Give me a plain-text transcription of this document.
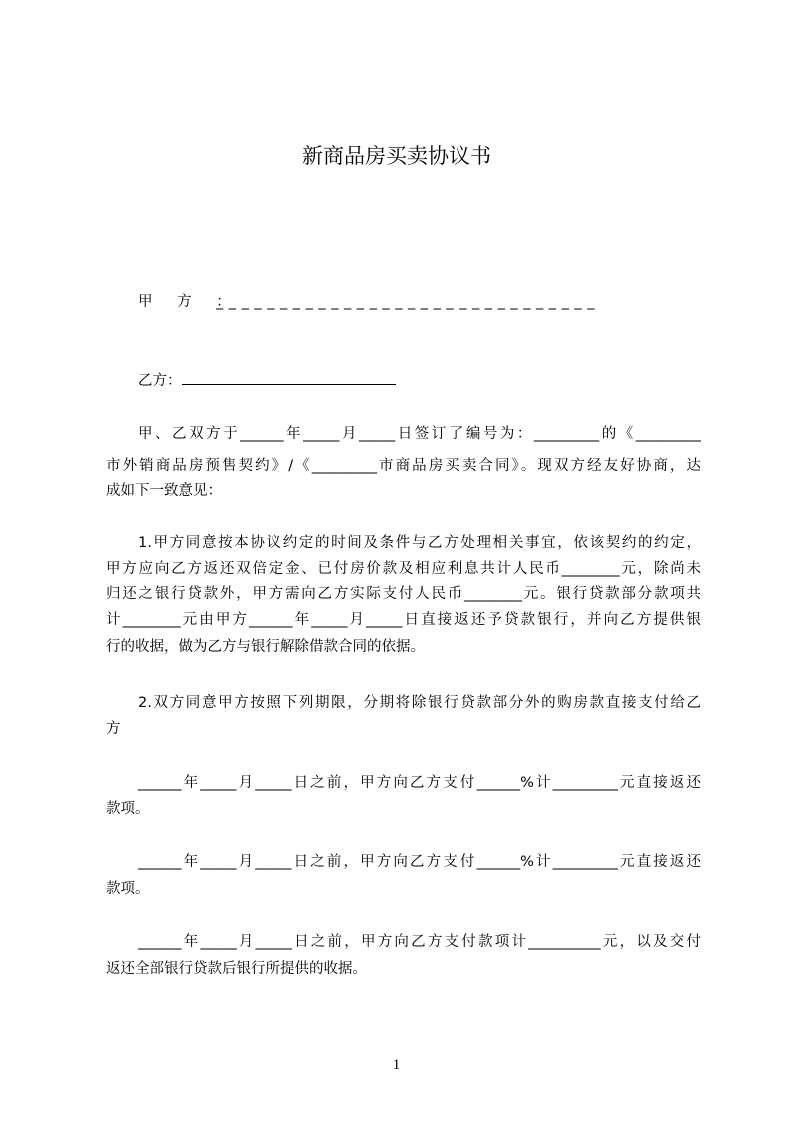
新商品房买卖协议书
甲 方 ：
______________________________
乙方：
甲、乙双方于______年_____月_____日签订了编号为：_________的《_________
市外销商品房预售契约》/《_________市商品房买卖合同》。现双方经友好协商，达
成如下一致意见：
1.甲方同意按本协议约定的时间及条件与乙方处理相关事宜，依该契约的约定，
甲方应向乙方返还双倍定金、已付房价款及相应利息共计人民币________元，除尚未
归还之银行贷款外，甲方需向乙方实际支付人民币________元。银行贷款部分款项共
计________元由甲方______年_____月_____日直接返还予贷款银行，并向乙方提供银
行的收据，做为乙方与银行解除借款合同的依据。
2.双方同意甲方按照下列期限，分期将除银行贷款部分外的购房款直接支付给乙
方
______年_____月_____日之前，甲方向乙方支付______%计_________元直接返还
款项。
______年_____月_____日之前，甲方向乙方支付______%计_________元直接返还
款项。
______年_____月_____日之前，甲方向乙方支付款项计__________元，以及交付
返还全部银行贷款后银行所提供的收据。
1
